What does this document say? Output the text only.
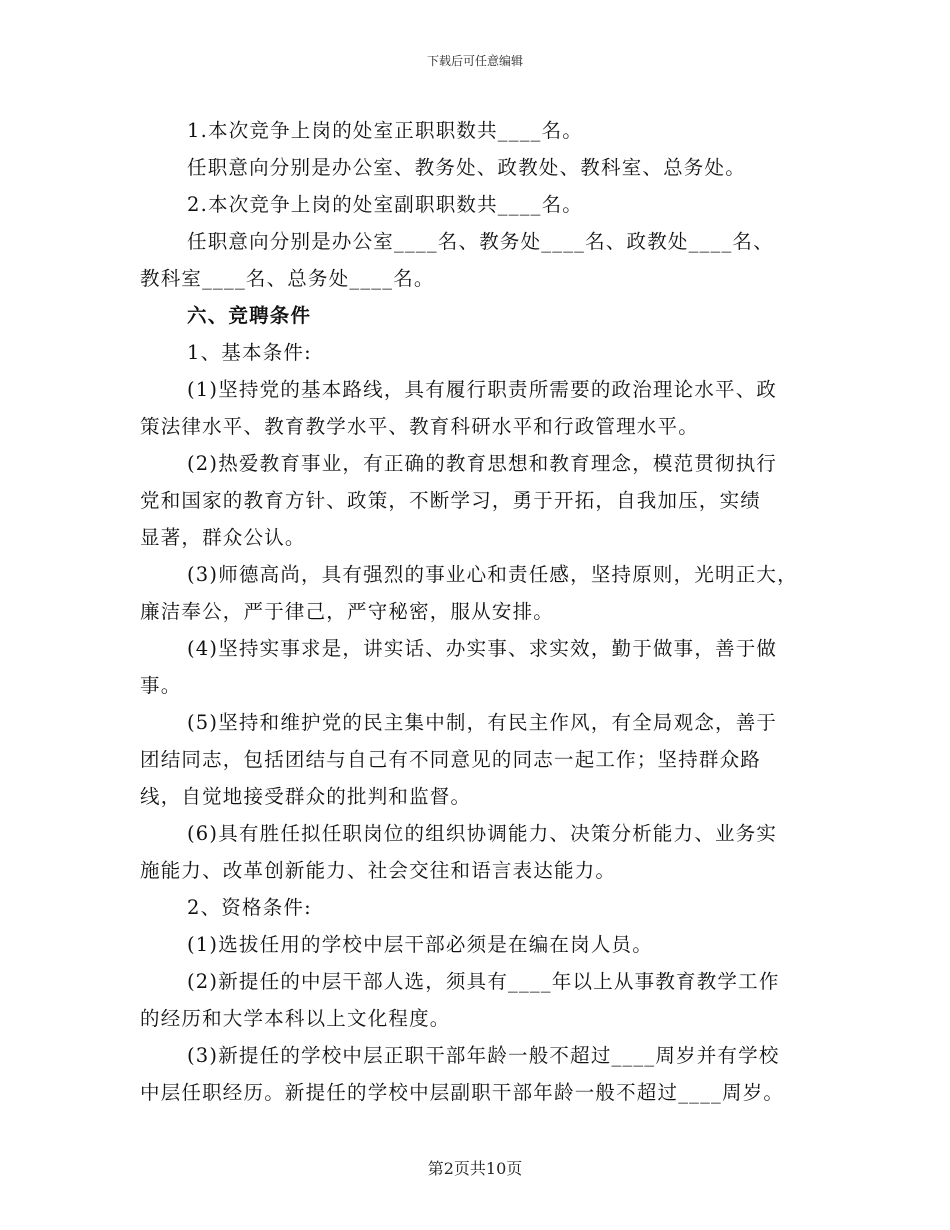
下载后可任意编辑
1.本次竞争上岗的处室正职职数共____名。
任职意向分别是办公室、教务处、政教处、教科室、总务处。
2.本次竞争上岗的处室副职职数共____名。
任职意向分别是办公室____名、教务处____名、政教处____名、
教科室____名、总务处____名。
六、竞聘条件
1、基本条件:
(1)坚持党的基本路线，具有履行职责所需要的政治理论水平、政
策法律水平、教育教学水平、教育科研水平和行政管理水平。
(2)热爱教育事业，有正确的教育思想和教育理念，模范贯彻执行
党和国家的教育方针、政策，不断学习，勇于开拓，自我加压，实绩
显著，群众公认。
(3)师德高尚，具有强烈的事业心和责任感，坚持原则，光明正大，
廉洁奉公，严于律己，严守秘密，服从安排。
(4)坚持实事求是，讲实话、办实事、求实效，勤于做事，善于做
事。
(5)坚持和维护党的民主集中制，有民主作风，有全局观念，善于
团结同志，包括团结与自己有不同意见的同志一起工作；坚持群众路
线，自觉地接受群众的批判和监督。
(6)具有胜任拟任职岗位的组织协调能力、决策分析能力、业务实
施能力、改革创新能力、社会交往和语言表达能力。
2、资格条件:
(1)选拔任用的学校中层干部必须是在编在岗人员。
(2)新提任的中层干部人选，须具有____年以上从事教育教学工作
的经历和大学本科以上文化程度。
(3)新提任的学校中层正职干部年龄一般不超过____周岁并有学校
中层任职经历。新提任的学校中层副职干部年龄一般不超过____周岁。
第2页共10页
